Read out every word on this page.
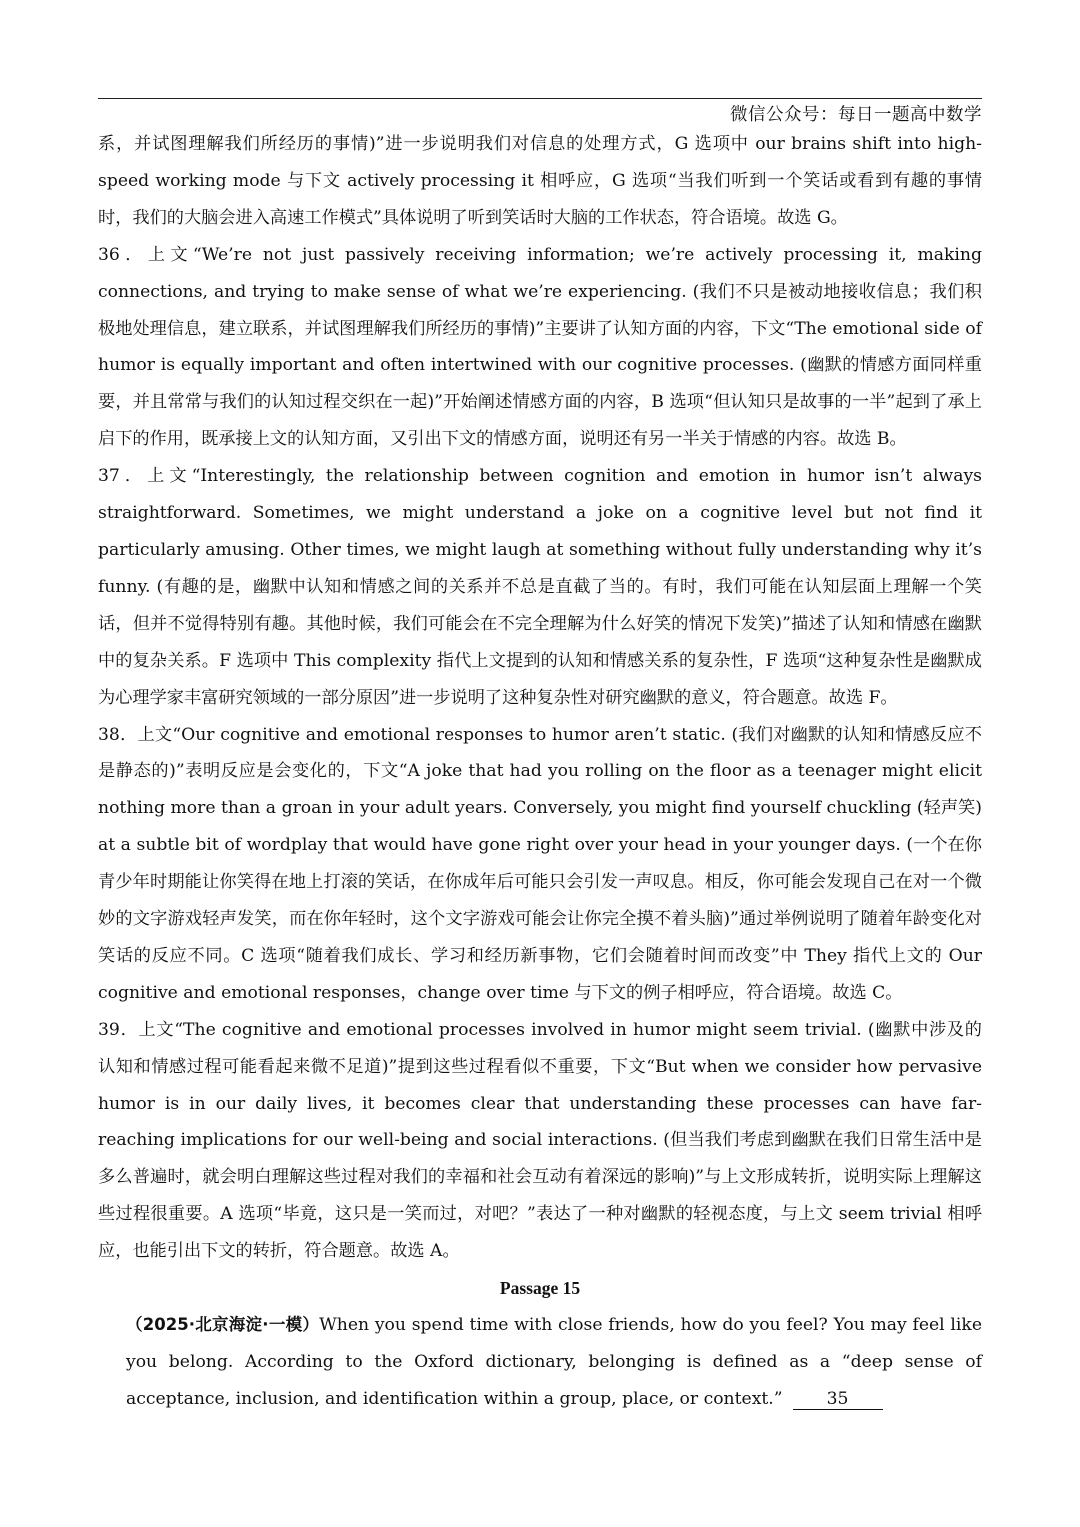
微信公众号：每日一题高中数学

系，并试图理解我们所经历的事情)”进一步说明我们对信息的处理方式，G 选项中 our brains shift into high-speed working mode 与下文 actively processing it 相呼应，G 选项“当我们听到一个笑话或看到有趣的事情时，我们的大脑会进入高速工作模式”具体说明了听到笑话时大脑的工作状态，符合语境。故选 G。

36．上文“We’re not just passively receiving information; we’re actively processing it, making connections, and trying to make sense of what we’re experiencing. (我们不只是被动地接收信息；我们积极地处理信息，建立联系，并试图理解我们所经历的事情)”主要讲了认知方面的内容，下文“The emotional side of humor is equally important and often intertwined with our cognitive processes. (幽默的情感方面同样重要，并且常常与我们的认知过程交织在一起)”开始阐述情感方面的内容，B 选项“但认知只是故事的一半”起到了承上启下的作用，既承接上文的认知方面，又引出下文的情感方面，说明还有另一半关于情感的内容。故选 B。

37．上文“Interestingly, the relationship between cognition and emotion in humor isn’t always straightforward. Sometimes, we might understand a joke on a cognitive level but not find it particularly amusing. Other times, we might laugh at something without fully understanding why it’s funny. (有趣的是，幽默中认知和情感之间的关系并不总是直截了当的。有时，我们可能在认知层面上理解一个笑话，但并不觉得特别有趣。其他时候，我们可能会在不完全理解为什么好笑的情况下发笑)”描述了认知和情感在幽默中的复杂关系。F 选项中 This complexity 指代上文提到的认知和情感关系的复杂性，F 选项“这种复杂性是幽默成为心理学家丰富研究领域的一部分原因”进一步说明了这种复杂性对研究幽默的意义，符合题意。故选 F。

38．上文“Our cognitive and emotional responses to humor aren’t static. (我们对幽默的认知和情感反应不是静态的)”表明反应是会变化的，下文“A joke that had you rolling on the floor as a teenager might elicit nothing more than a groan in your adult years. Conversely, you might find yourself chuckling (轻声笑) at a subtle bit of wordplay that would have gone right over your head in your younger days. (一个在你青少年时期能让你笑得在地上打滚的笑话，在你成年后可能只会引发一声叹息。相反，你可能会发现自己在对一个微妙的文字游戏轻声发笑，而在你年轻时，这个文字游戏可能会让你完全摸不着头脑)”通过举例说明了随着年龄变化对笑话的反应不同。C 选项“随着我们成长、学习和经历新事物，它们会随着时间而改变”中 They 指代上文的 Our cognitive and emotional responses，change over time 与下文的例子相呼应，符合语境。故选 C。

39．上文“The cognitive and emotional processes involved in humor might seem trivial. (幽默中涉及的认知和情感过程可能看起来微不足道)”提到这些过程看似不重要，下文“But when we consider how pervasive humor is in our daily lives, it becomes clear that understanding these processes can have far-reaching implications for our well-being and social interactions. (但当我们考虑到幽默在我们日常生活中是多么普遍时，就会明白理解这些过程对我们的幸福和社会互动有着深远的影响)”与上文形成转折，说明实际上理解这些过程很重要。A 选项“毕竟，这只是一笑而过，对吧？”表达了一种对幽默的轻视态度，与上文 seem trivial 相呼应，也能引出下文的转折，符合题意。故选 A。

Passage 15

（2025·北京海淀·一模）When you spend time with close friends, how do you feel? You may feel like you belong. According to the Oxford dictionary, belonging is defined as a “deep sense of acceptance, inclusion, and identification within a group, place, or context.”	35
